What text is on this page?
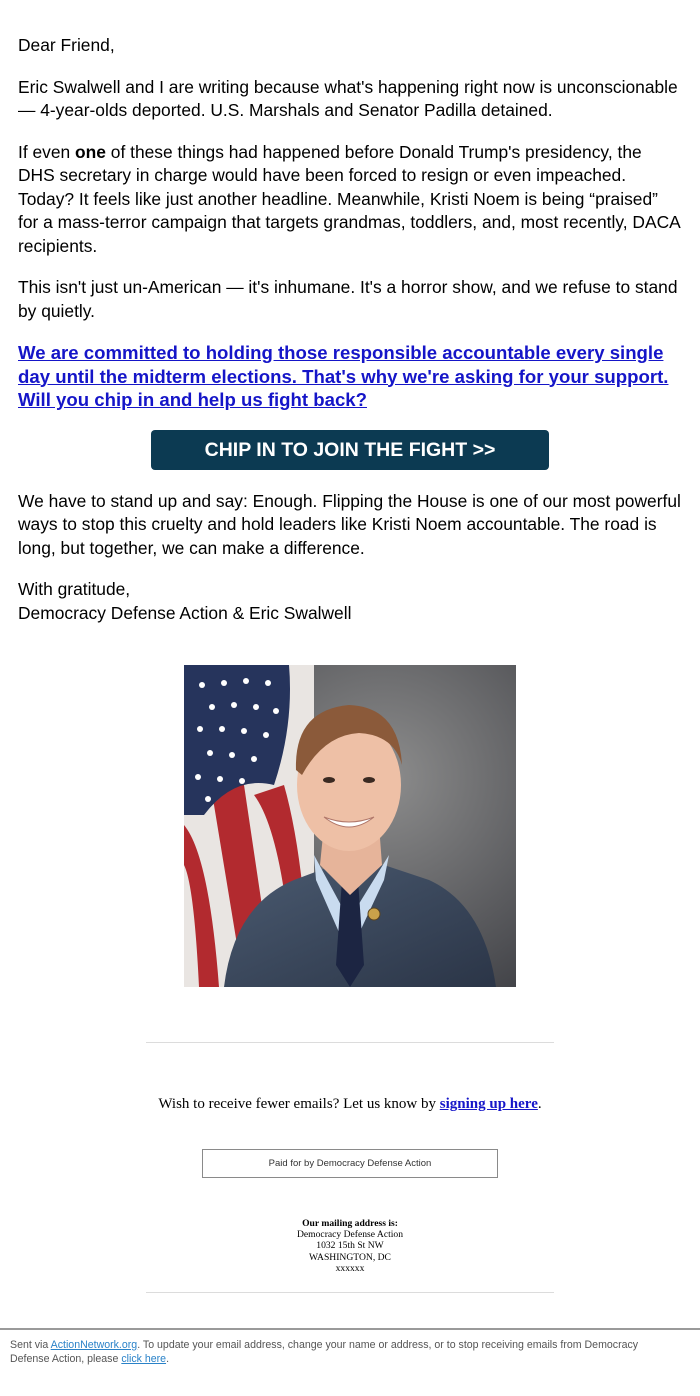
Dear Friend,

Eric Swalwell and I are writing because what's happening right now is unconscionable — 4-year-olds deported. U.S. Marshals and Senator Padilla detained.

If even one of these things had happened before Donald Trump's presidency, the DHS secretary in charge would have been forced to resign or even impeached. Today? It feels like just another headline. Meanwhile, Kristi Noem is being “praised” for a mass-terror campaign that targets grandmas, toddlers, and, most recently, DACA recipients.

This isn't just un-American — it's inhumane. It's a horror show, and we refuse to stand by quietly.

We are committed to holding those responsible accountable every single day until the midterm elections. That's why we're asking for your support. Will you chip in and help us fight back?
CHIP IN TO JOIN THE FIGHT >>

We have to stand up and say: Enough. Flipping the House is one of our most powerful ways to stop this cruelty and hold leaders like Kristi Noem accountable. The road is long, but together, we can make a difference.

With gratitude,
Democracy Defense Action & Eric Swalwell

Wish to receive fewer emails? Let us know by signing up here.
Paid for by Democracy Defense Action
Our mailing address is:
Democracy Defense Action
1032 15th St NW
WASHINGTON, DC
xxxxxx
Sent via ActionNetwork.org. To update your email address, change your name or address, or to stop receiving emails from Democracy Defense Action, please click here.
